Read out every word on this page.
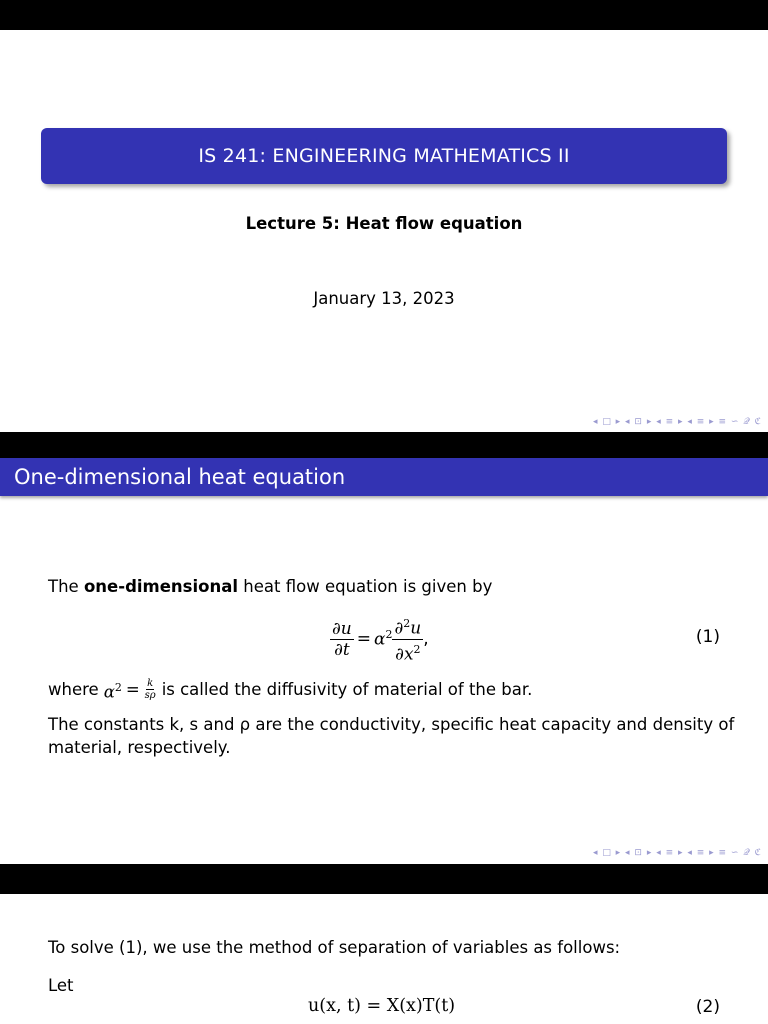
IS 241: ENGINEERING MATHEMATICS II
Lecture 5: Heat flow equation
January 13, 2023
◂ □ ▸ ◂ ⊡ ▸ ◂ ≡ ▸ ◂ ≡ ▸ ≡ ∽ 𝒬 ℭ
One-dimensional heat equation
The one-dimensional heat flow equation is given by
$\frac{\partial u}{\partial t} = \alpha^2 \frac{\partial^2u}{\partial x^2}$ ,	(1)
where $\alpha^2 = \frac{k}{s\rho}$ is called the diffusivity of material of the bar.
The constants k, s and ρ are the conductivity, specific heat capacity and density of
material, respectively.
◂ □ ▸ ◂ ⊡ ▸ ◂ ≡ ▸ ◂ ≡ ▸ ≡ ∽ 𝒬 ℭ
To solve (1), we use the method of separation of variables as follows:
Let
u(x, t) = X(x)T(t)	(2)
